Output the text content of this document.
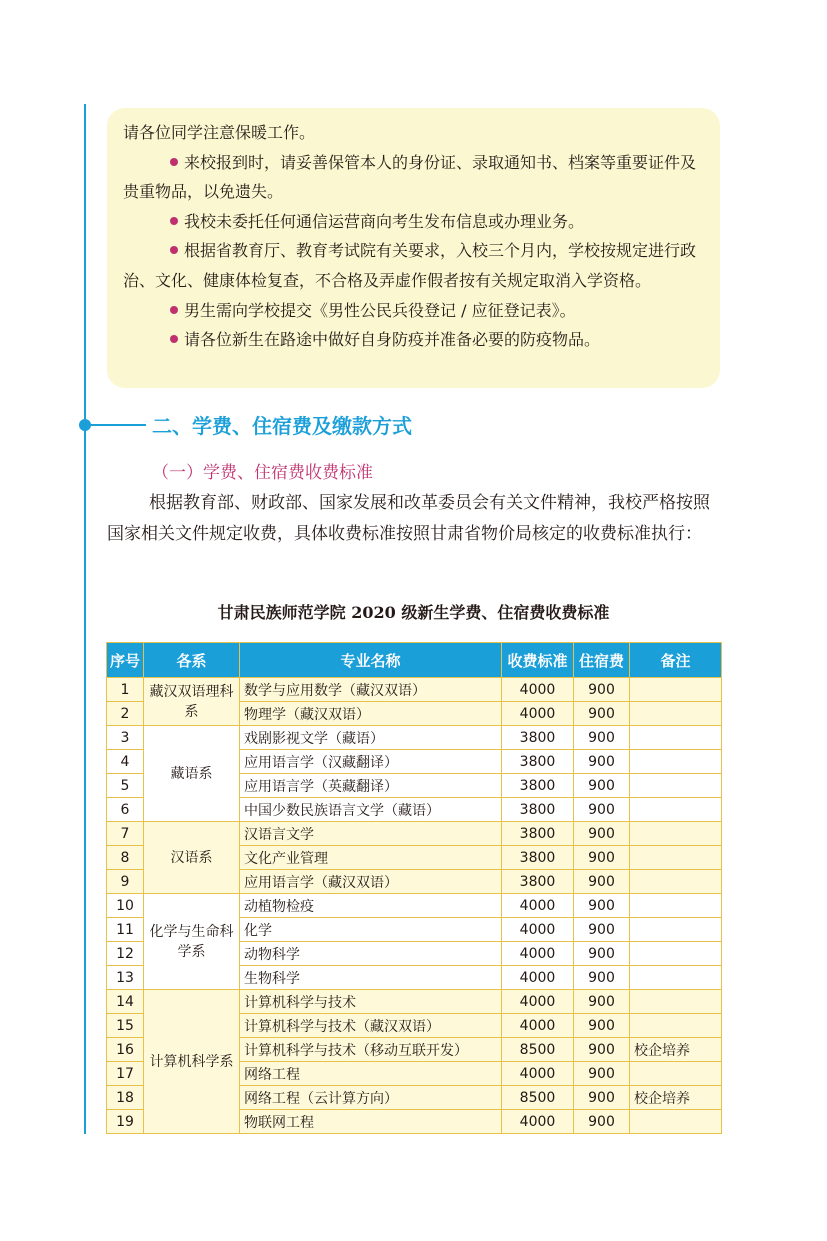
请各位同学注意保暖工作。

来校报到时，请妥善保管本人的身份证、录取通知书、档案等重要证件及贵重物品，以免遗失。

我校未委托任何通信运营商向考生发布信息或办理业务。

根据省教育厅、教育考试院有关要求，入校三个月内，学校按规定进行政治、文化、健康体检复查，不合格及弄虚作假者按有关规定取消入学资格。

男生需向学校提交《男性公民兵役登记 / 应征登记表》。

请各位新生在路途中做好自身防疫并准备必要的防疫物品。

二、学费、住宿费及缴款方式
（一）学费、住宿费收费标准

根据教育部、财政部、国家发展和改革委员会有关文件精神，我校严格按照国家相关文件规定收费，具体收费标准按照甘肃省物价局核定的收费标准执行：

甘肃民族师范学院 2020 级新生学费、住宿费收费标准
序号	各系	专业名称	收费标准	住宿费	备注
1	藏汉双语理科系	数学与应用数学（藏汉双语）	4000	900	
2		物理学（藏汉双语）	4000	900	
3	藏语系	戏剧影视文学（藏语）	3800	900	
4		应用语言学（汉藏翻译）	3800	900	
5		应用语言学（英藏翻译）	3800	900	
6		中国少数民族语言文学（藏语）	3800	900	
7	汉语系	汉语言文学	3800	900	
8		文化产业管理	3800	900	
9		应用语言学（藏汉双语）	3800	900	
10	化学与生命科学系	动植物检疫	4000	900	
11		化学	4000	900	
12		动物科学	4000	900	
13		生物科学	4000	900	
14	计算机科学系	计算机科学与技术	4000	900	
15		计算机科学与技术（藏汉双语）	4000	900	
16		计算机科学与技术（移动互联开发）	8500	900	校企培养
17		网络工程	4000	900	
18		网络工程（云计算方向）	8500	900	校企培养
19		物联网工程	4000	900	
